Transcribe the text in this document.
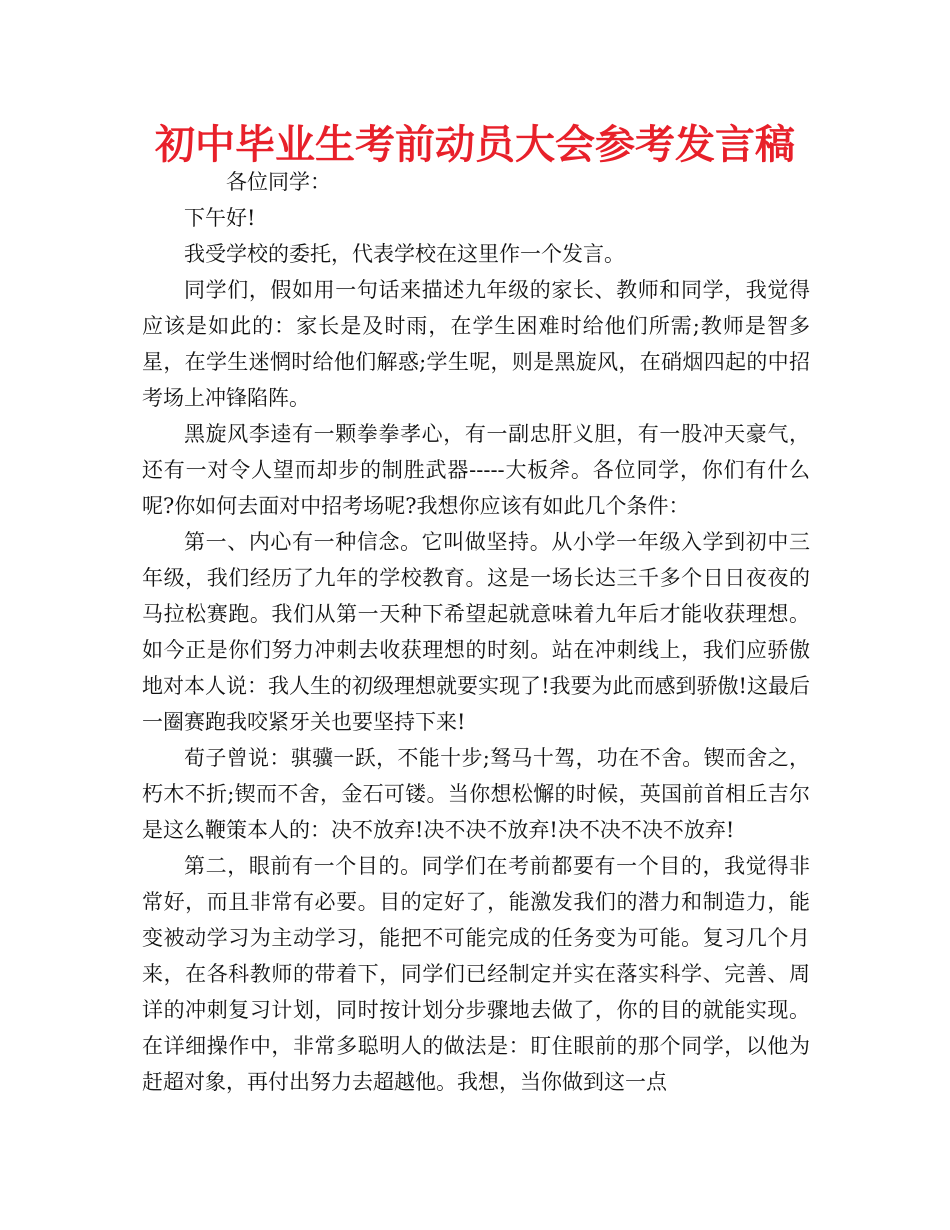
初中毕业生考前动员大会参考发言稿

各位同学：

下午好!

我受学校的委托，代表学校在这里作一个发言。

同学们，假如用一句话来描述九年级的家长、教师和同学，我觉得应该是如此的：家长是及时雨，在学生困难时给他们所需;教师是智多星，在学生迷惘时给他们解惑;学生呢，则是黑旋风，在硝烟四起的中招考场上冲锋陷阵。

黑旋风李逵有一颗拳拳孝心，有一副忠肝义胆，有一股冲天豪气，还有一对令人望而却步的制胜武器-----大板斧。各位同学，你们有什么呢?你如何去面对中招考场呢?我想你应该有如此几个条件：

第一、内心有一种信念。它叫做坚持。从小学一年级入学到初中三年级，我们经历了九年的学校教育。这是一场长达三千多个日日夜夜的马拉松赛跑。我们从第一天种下希望起就意味着九年后才能收获理想。如今正是你们努力冲刺去收获理想的时刻。站在冲刺线上，我们应骄傲地对本人说：我人生的初级理想就要实现了!我要为此而感到骄傲!这最后一圈赛跑我咬紧牙关也要坚持下来!

荀子曾说：骐骥一跃，不能十步;驽马十驾，功在不舍。锲而舍之，朽木不折;锲而不舍，金石可镂。当你想松懈的时候，英国前首相丘吉尔是这么鞭策本人的：决不放弃!决不决不放弃!决不决不决不放弃!

第二，眼前有一个目的。同学们在考前都要有一个目的，我觉得非常好，而且非常有必要。目的定好了，能激发我们的潜力和制造力，能变被动学习为主动学习，能把不可能完成的任务变为可能。复习几个月来，在各科教师的带着下，同学们已经制定并实在落实科学、完善、周详的冲刺复习计划，同时按计划分步骤地去做了，你的目的就能实现。在详细操作中，非常多聪明人的做法是：盯住眼前的那个同学，以他为赶超对象，再付出努力去超越他。我想，当你做到这一点
